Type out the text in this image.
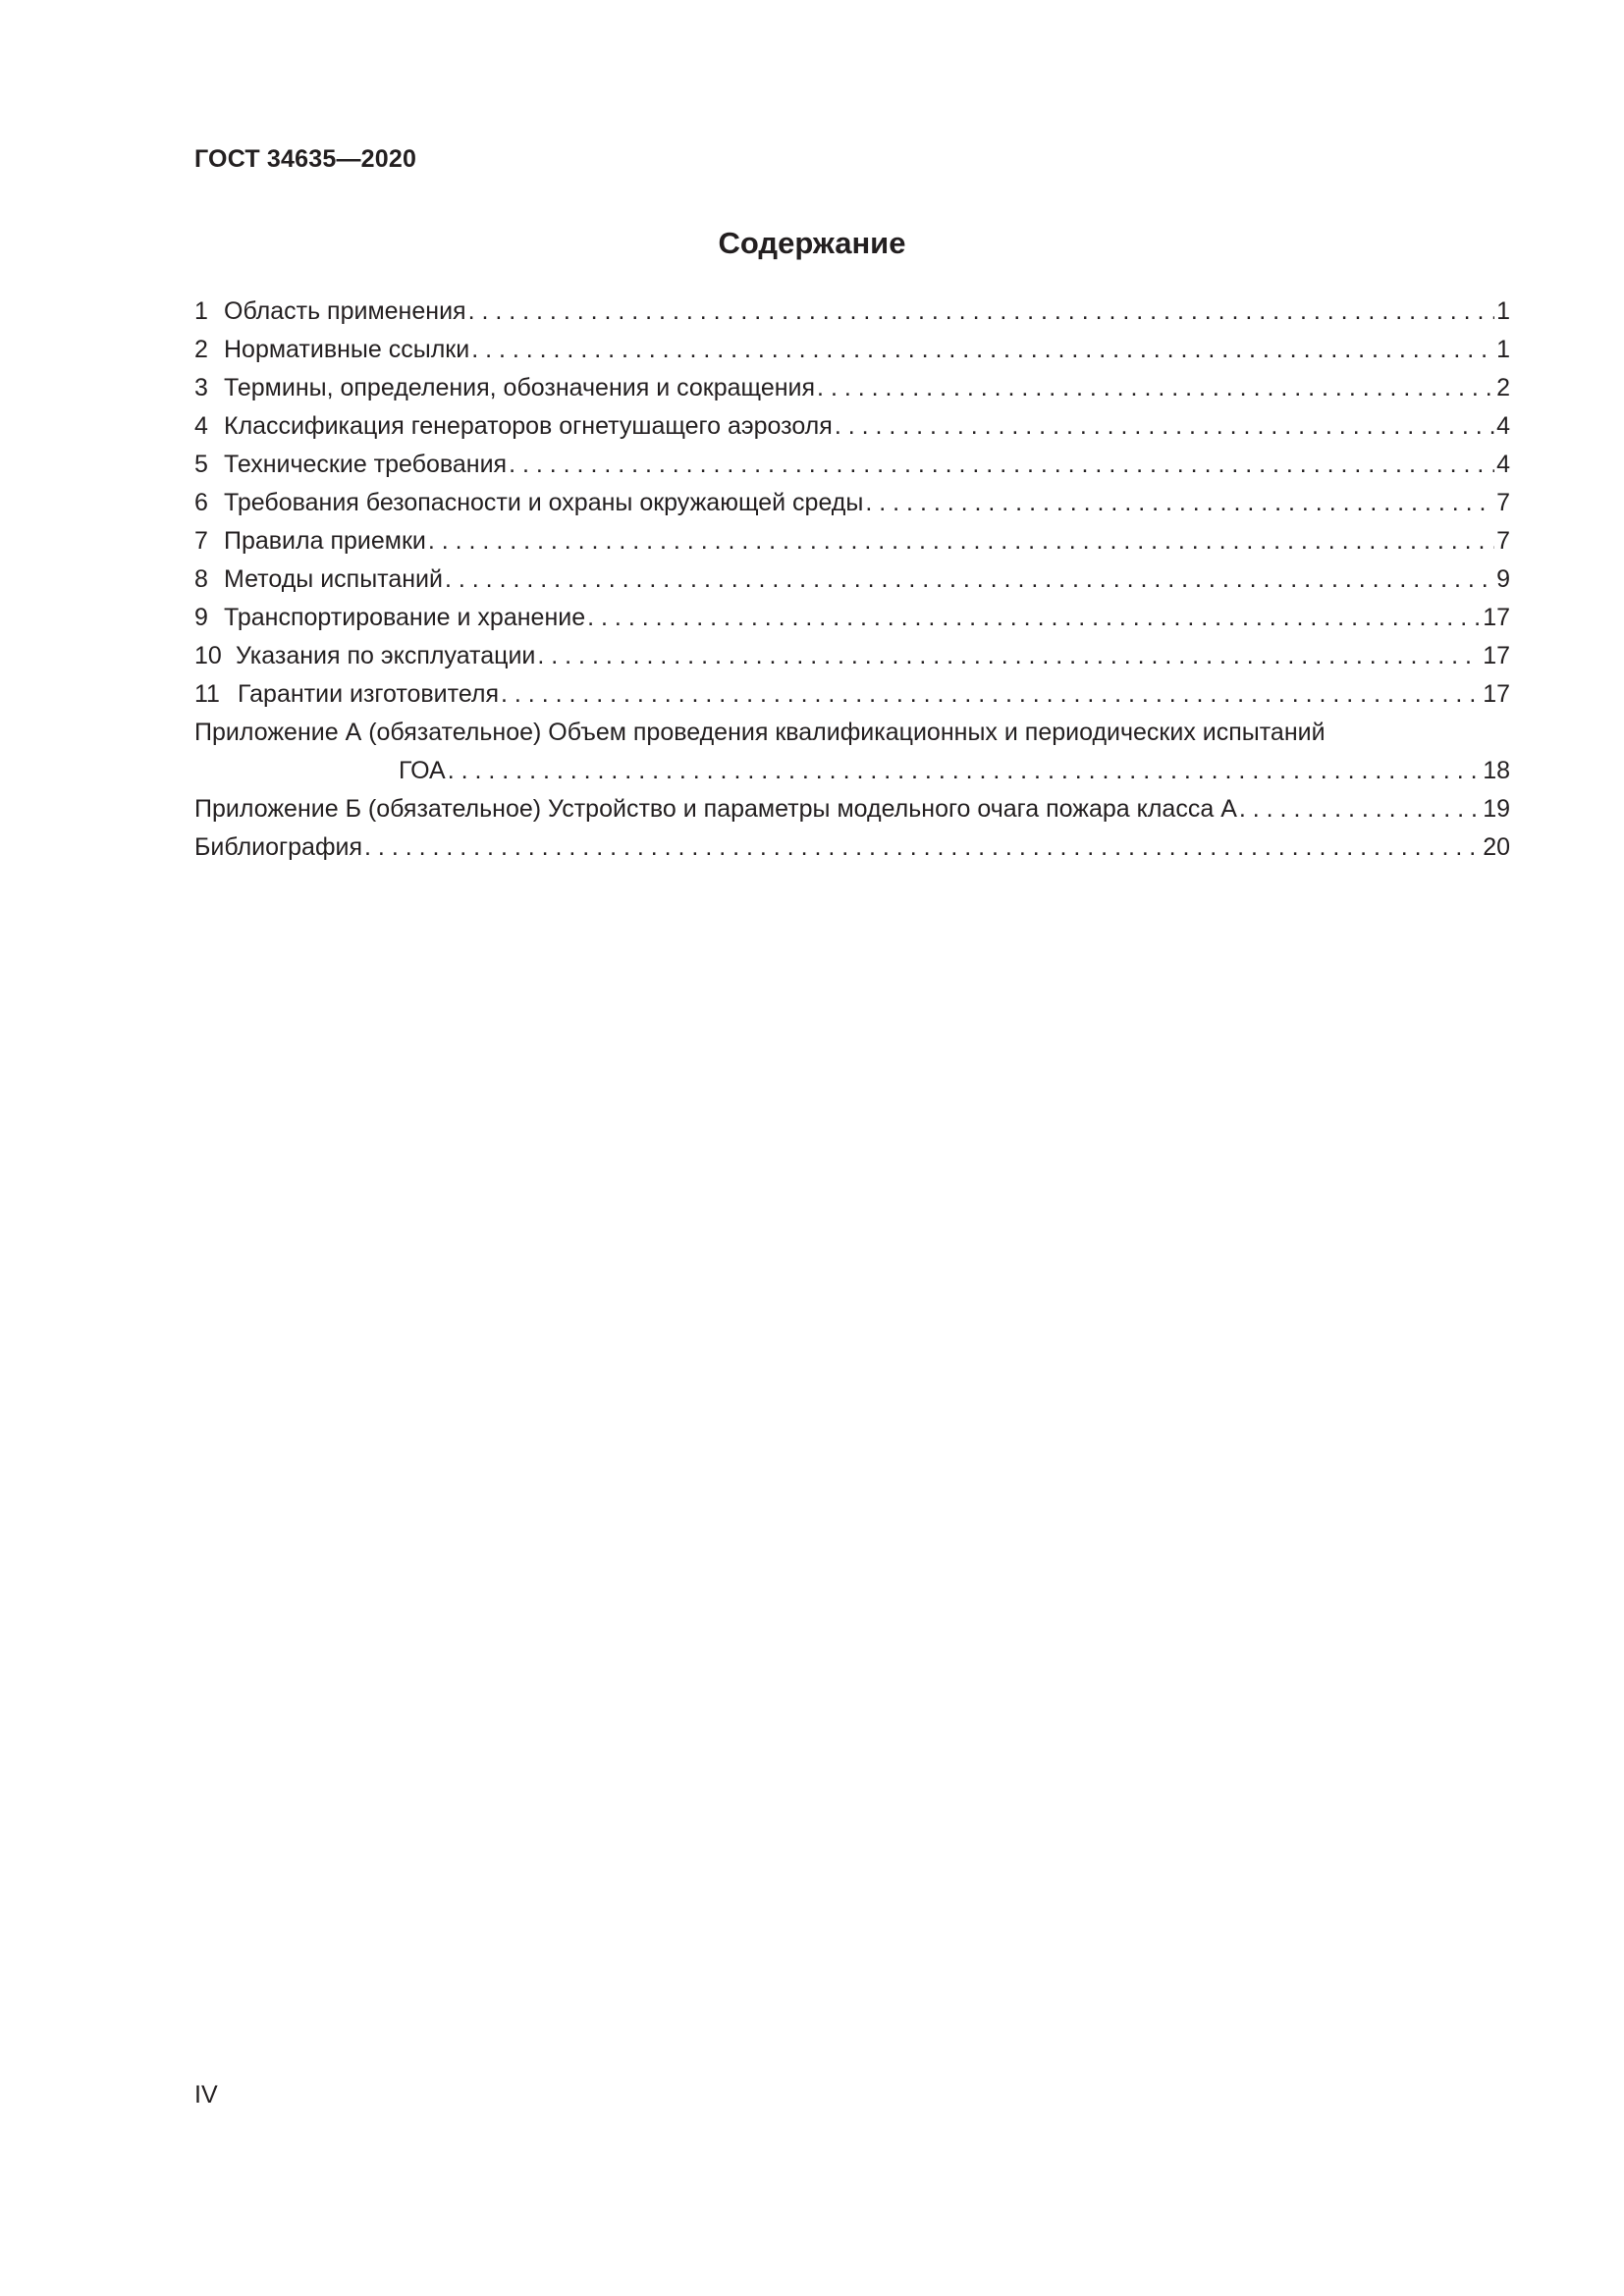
ГОСТ 34635—2020
Содержание
1 Область применения . . .	1
2 Нормативные ссылки . . .	1
3 Термины, определения, обозначения и сокращения . . .	2
4 Классификация генераторов огнетушащего аэрозоля . . .	4
5 Технические требования . . .	4
6 Требования безопасности и охраны окружающей среды . . .	7
7 Правила приемки . . .	7
8 Методы испытаний . . .	9
9 Транспортирование и хранение . . .	17
10 Указания по эксплуатации . . .	17
11 Гарантии изготовителя . . .	17
Приложение А (обязательное) Объем проведения квалификационных и периодических испытаний
ГОА . . .	18
Приложение Б (обязательное) Устройство и параметры модельного очага пожара класса А . . .	19
Библиография . . .	20
IV
